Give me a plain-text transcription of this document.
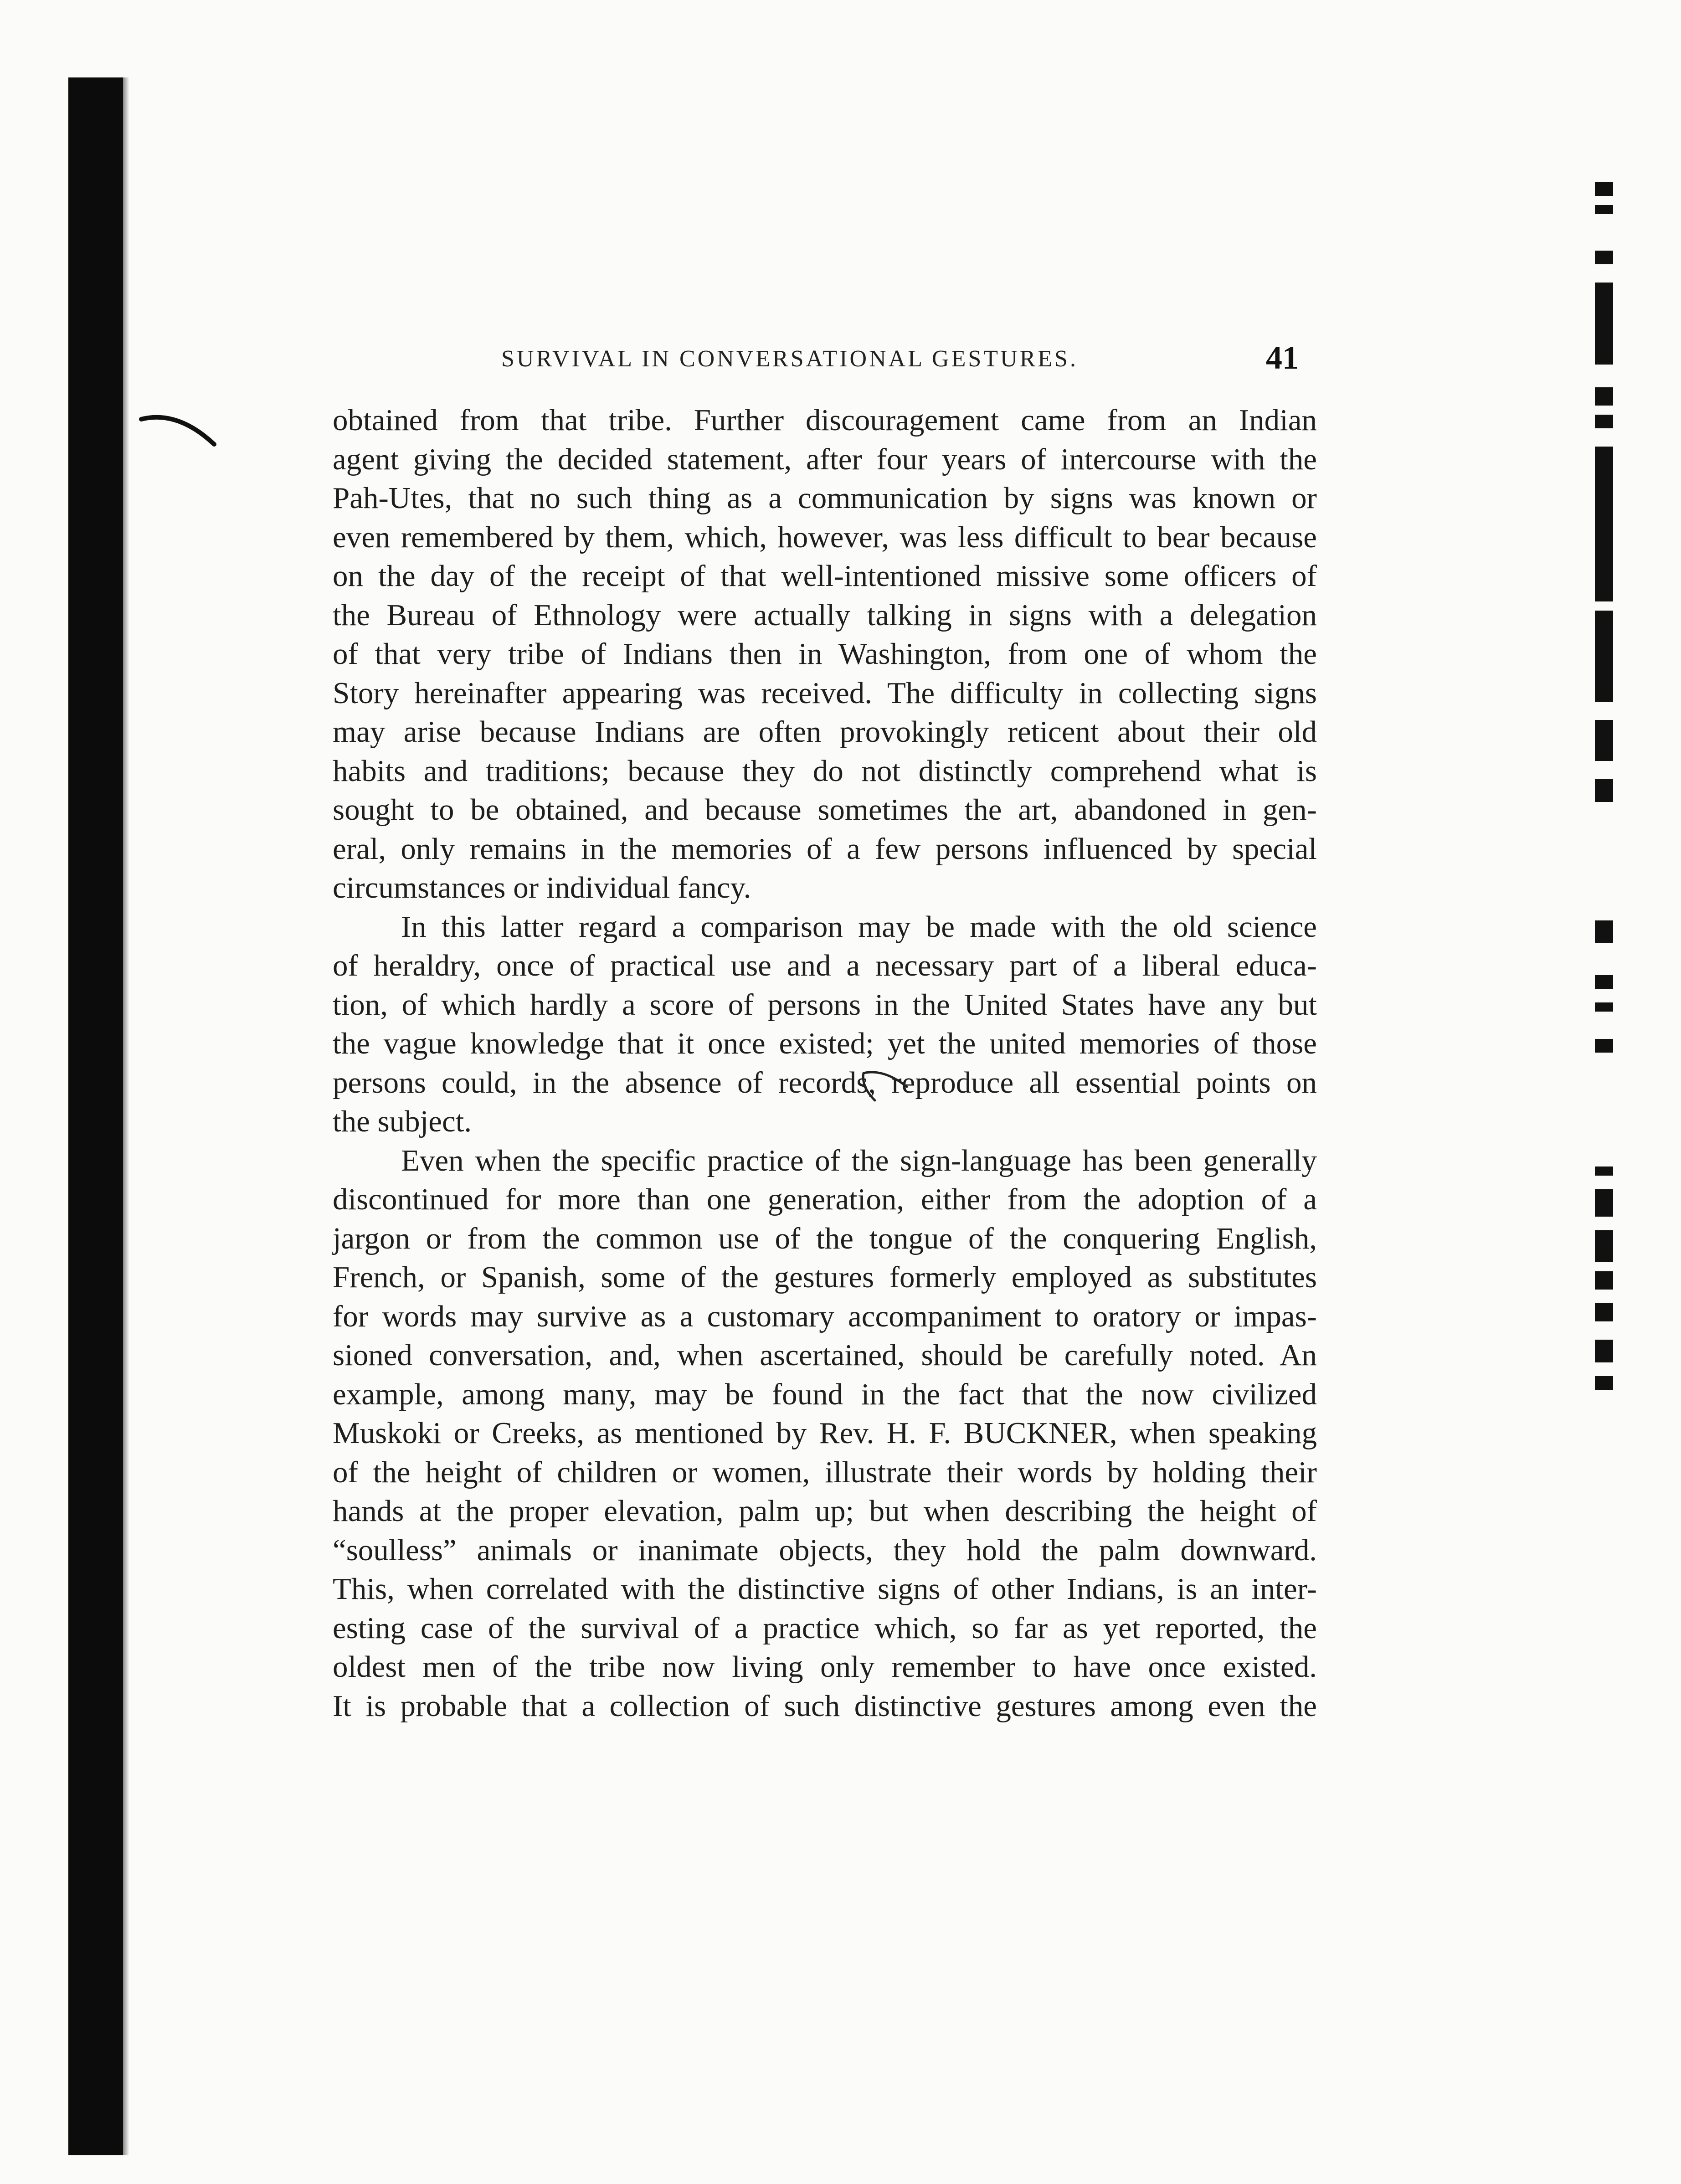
SURVIVAL IN CONVERSATIONAL GESTURES.	41
obtained from that tribe. Further discouragement came from an Indian
agent giving the decided statement, after four years of intercourse with the
Pah-Utes, that no such thing as a communication by signs was known or
even remembered by them, which, however, was less difficult to bear because
on the day of the receipt of that well-intentioned missive some officers of
the Bureau of Ethnology were actually talking in signs with a delegation
of that very tribe of Indians then in Washington, from one of whom the
Story hereinafter appearing was received. The difficulty in collecting signs
may arise because Indians are often provokingly reticent about their old
habits and traditions; because they do not distinctly comprehend what is
sought to be obtained, and because sometimes the art, abandoned in gen-
eral, only remains in the memories of a few persons influenced by special
circumstances or individual fancy.
In this latter regard a comparison may be made with the old science
of heraldry, once of practical use and a necessary part of a liberal educa-
tion, of which hardly a score of persons in the United States have any but
the vague knowledge that it once existed; yet the united memories of those
persons could, in the absence of records, reproduce all essential points on
the subject.
Even when the specific practice of the sign-language has been generally
discontinued for more than one generation, either from the adoption of a
jargon or from the common use of the tongue of the conquering English,
French, or Spanish, some of the gestures formerly employed as substitutes
for words may survive as a customary accompaniment to oratory or impas-
sioned conversation, and, when ascertained, should be carefully noted. An
example, among many, may be found in the fact that the now civilized
Muskoki or Creeks, as mentioned by Rev. H. F. BUCKNER, when speaking
of the height of children or women, illustrate their words by holding their
hands at the proper elevation, palm up; but when describing the height of
“soulless” animals or inanimate objects, they hold the palm downward.
This, when correlated with the distinctive signs of other Indians, is an inter-
esting case of the survival of a practice which, so far as yet reported, the
oldest men of the tribe now living only remember to have once existed.
It is probable that a collection of such distinctive gestures among even the
